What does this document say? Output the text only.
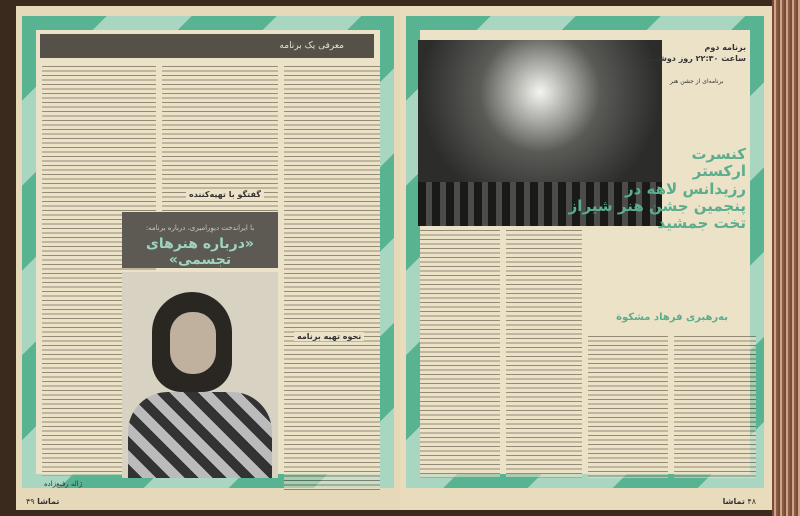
معرفی یک برنامه
گفتگو با تهیه‌کننده
نحوه تهیه برنامه
با ایراندخت دیوِرامیری، درباره برنامه:
«درباره هنرهای تجسمی»
ژاله رفیع‌زاده
تماشا ۴۹
برنامه دوم
ساعت ۲۲:۳۰ روز دوشنبه
برنامه‌ای از جشن هنر
کنسرت
ارکستر
رزیدانس لاهه در
پنجمین جشن هنر شیراز
تخت جمشید
به‌رهبری فرهاد مشکوة
۴۸ تماشا
